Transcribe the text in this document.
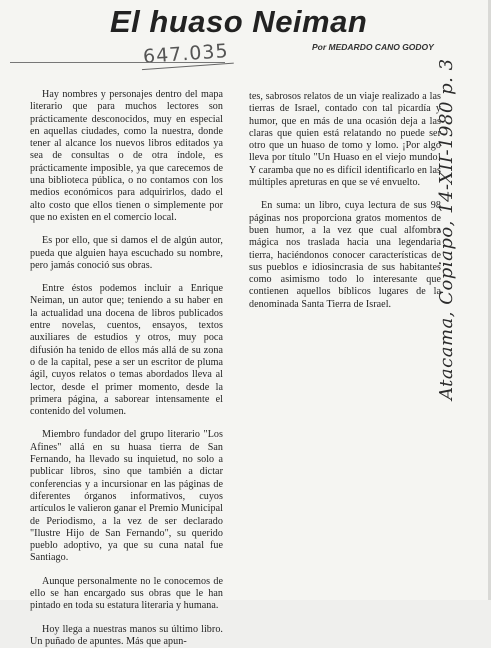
El huaso Neiman
Por MEDARDO CANO GODOY
647.035

Hay nombres y personajes dentro del mapa literario que para muchos lectores son prácticamente desconocidos, muy en especial en aquellas ciudades, como la nuestra, donde tener al alcance los nuevos libros editados ya sea de consultas o de otra índole, es prácticamente imposible, ya que carecemos de una biblioteca pública, o no contamos con los medios económicos para adquirirlos, dado el alto costo que ellos tienen o simplemente por que no existen en el comercio local.

Es por ello, que si damos el de algún autor, pueda que alguien haya escuchado su nombre, pero jamás conoció sus obras.

Entre éstos podemos incluir a Enrique Neiman, un autor que; teniendo a su haber en la actualidad una docena de libros publicados entre novelas, cuentos, ensayos, textos auxiliares de estudios y otros, muy poca difusión ha tenido de ellos más allá de su zona o de la capital, pese a ser un escritor de pluma ágil, cuyos relatos o temas abordados lleva al lector, desde el primer momento, desde la primera página, a saborear intensamente el contenido del volumen.

Miembro fundador del grupo literario "Los Afines" allá en su huasa tierra de San Fernando, ha llevado su inquietud, no solo a publicar libros, sino que también a dictar conferencias y a incursionar en las páginas de diferentes órganos informativos, cuyos artículos le valieron ganar el Premio Municipal de Periodismo, a la vez de ser declarado "Ilustre Hijo de San Fernando", su querido pueblo adoptivo, ya que su cuna natal fue Santiago.

Aunque personalmente no le conocemos de ello se han encargado sus obras que le han pintado en toda su estatura literaria y humana.

Hoy llega a nuestras manos su último libro. Un puñado de apuntes. Más que apun-

tes, sabrosos relatos de un viaje realizado a las tierras de Israel, contado con tal picardía y humor, que en más de una ocasión deja a las claras que quien está relatando no puede ser otro que un huaso de tomo y lomo. ¡Por algo lleva por título "Un Huaso en el viejo mundo! Y caramba que no es difícil identificarlo en las múltiples apreturas en que se vé envuelto.

En suma: un libro, cuya lectura de sus 98 páginas nos proporciona gratos momentos de buen humor, a la vez que cual alfombra mágica nos traslada hacia una legendaria tierra, haciéndonos conocer características de sus pueblos e idiosincrasia de sus habitantes como asimismo todo lo interesante que contienen aquellos bíblicos lugares de la denominada Santa Tierra de Israel.	Atacama, Copiapó, 14-XII-1980 p. 3
